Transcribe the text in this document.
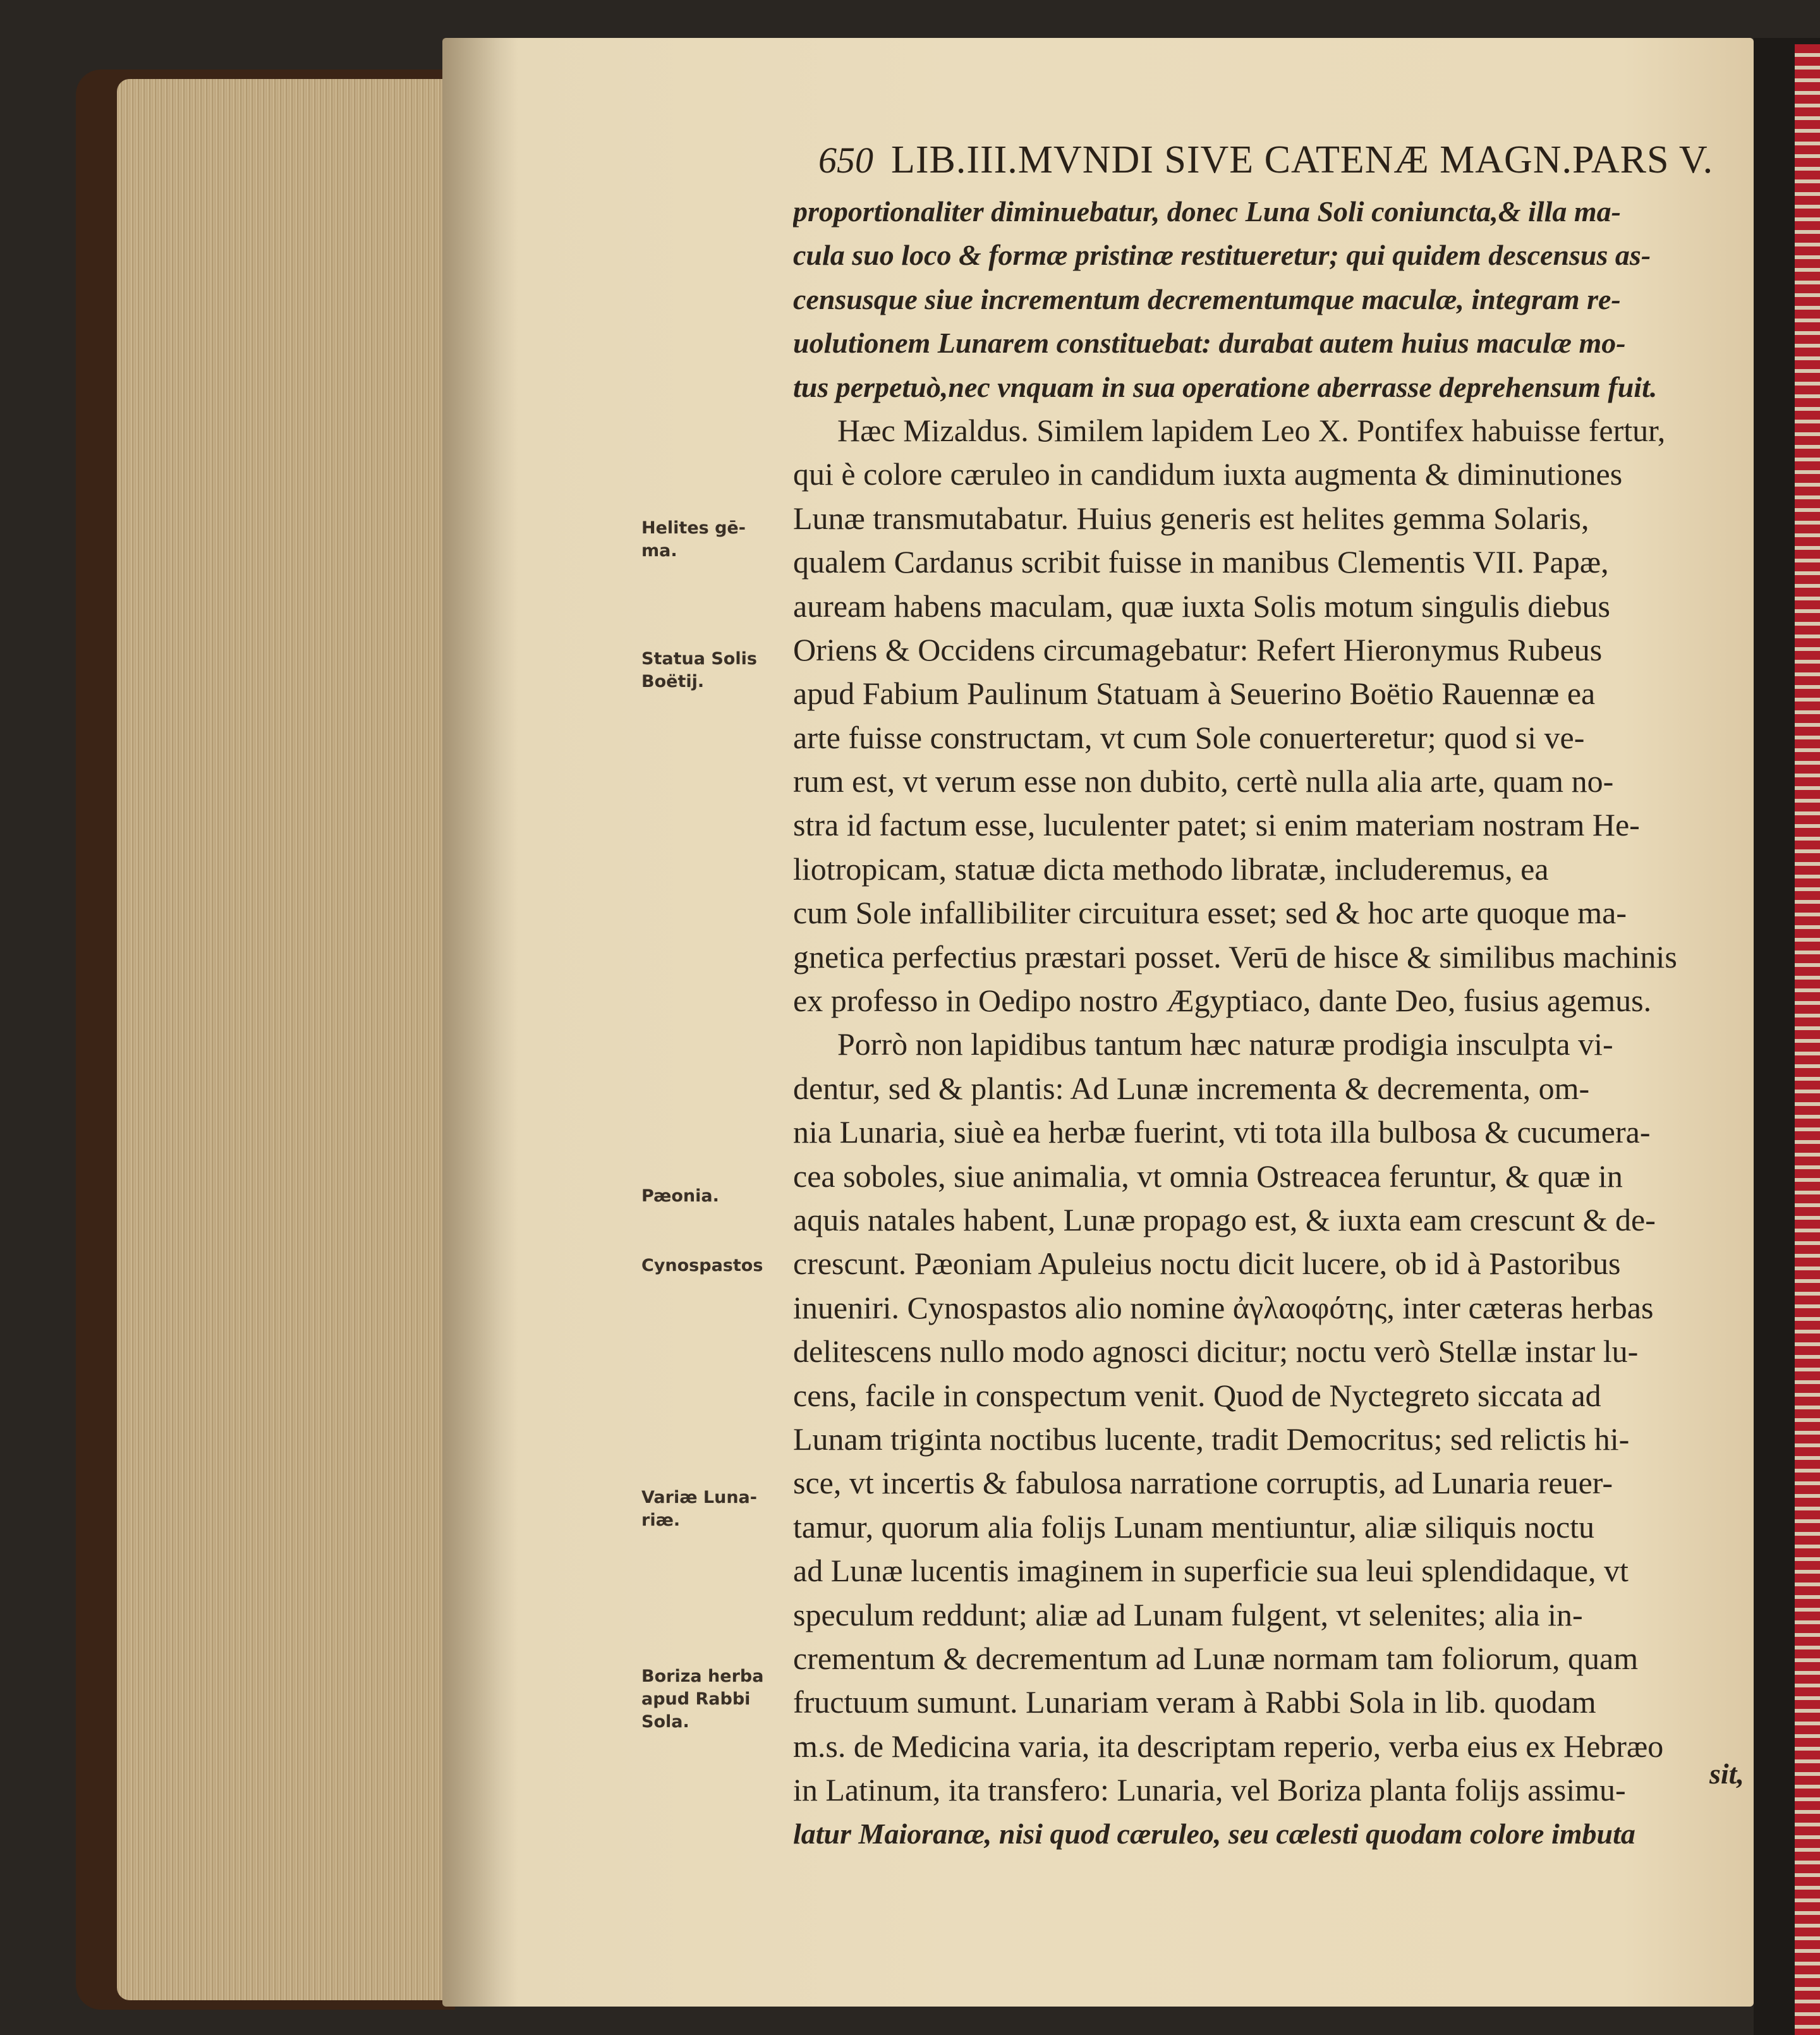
650 LIB.III.MVNDI SIVE CATENÆ MAGN.PARS V.
proportionaliter diminuebatur, donec Luna Soli coniuncta,& illa ma-
cula suo loco & formæ pristinæ restitueretur; qui quidem descensus as-
censusque siue incrementum decrementumque maculæ, integram re-
uolutionem Lunarem constituebat: durabat autem huius maculæ mo-
tus perpetuò,nec vnquam in sua operatione aberrasse deprehensum fuit.
Hæc Mizaldus. Similem lapidem Leo X. Pontifex habuisse fertur,
qui è colore cæruleo in candidum iuxta augmenta & diminutiones
Lunæ transmutabatur. Huius generis est helites gemma Solaris,
qualem Cardanus scribit fuisse in manibus Clementis VII. Papæ,
auream habens maculam, quæ iuxta Solis motum singulis diebus
Oriens & Occidens circumagebatur: Refert Hieronymus Rubeus
apud Fabium Paulinum Statuam à Seuerino Boëtio Rauennæ ea
arte fuisse constructam, vt cum Sole conuerteretur; quod si ve-
rum est, vt verum esse non dubito, certè nulla alia arte, quam no-
stra id factum esse, luculenter patet; si enim materiam nostram He-
liotropicam, statuæ dicta methodo libratæ, includeremus, ea
cum Sole infallibiliter circuitura esset; sed & hoc arte quoque ma-
gnetica perfectius præstari posset. Verū de hisce & similibus machinis
ex professo in Oedipo nostro Ægyptiaco, dante Deo, fusius agemus.
Porrò non lapidibus tantum hæc naturæ prodigia insculpta vi-
dentur, sed & plantis: Ad Lunæ incrementa & decrementa, om-
nia Lunaria, siuè ea herbæ fuerint, vti tota illa bulbosa & cucumera-
cea soboles, siue animalia, vt omnia Ostreacea feruntur, & quæ in
aquis natales habent, Lunæ propago est, & iuxta eam crescunt & de-
crescunt. Pæoniam Apuleius noctu dicit lucere, ob id à Pastoribus
inueniri. Cynospastos alio nomine ἀγλαοφότης, inter cæteras herbas
delitescens nullo modo agnosci dicitur; noctu verò Stellæ instar lu-
cens, facile in conspectum venit. Quod de Nyctegreto siccata ad
Lunam triginta noctibus lucente, tradit Democritus; sed relictis hi-
sce, vt incertis & fabulosa narratione corruptis, ad Lunaria reuer-
tamur, quorum alia folijs Lunam mentiuntur, aliæ siliquis noctu
ad Lunæ lucentis imaginem in superficie sua leui splendidaque, vt
speculum reddunt; aliæ ad Lunam fulgent, vt selenites; alia in-
crementum & decrementum ad Lunæ normam tam foliorum, quam
fructuum sumunt. Lunariam veram à Rabbi Sola in lib. quodam
m.s. de Medicina varia, ita descriptam reperio, verba eius ex Hebræo
in Latinum, ita transfero: Lunaria, vel Boriza planta folijs assimu-
latur Maioranæ, nisi quod cæruleo, seu cælesti quodam colore imbuta
Helites gē-
ma.
Statua Solis
Boëtij.
Pæonia.
Cynospastos
Variæ Luna-
riæ.
Boriza herba
apud Rabbi
Sola.
sit,
